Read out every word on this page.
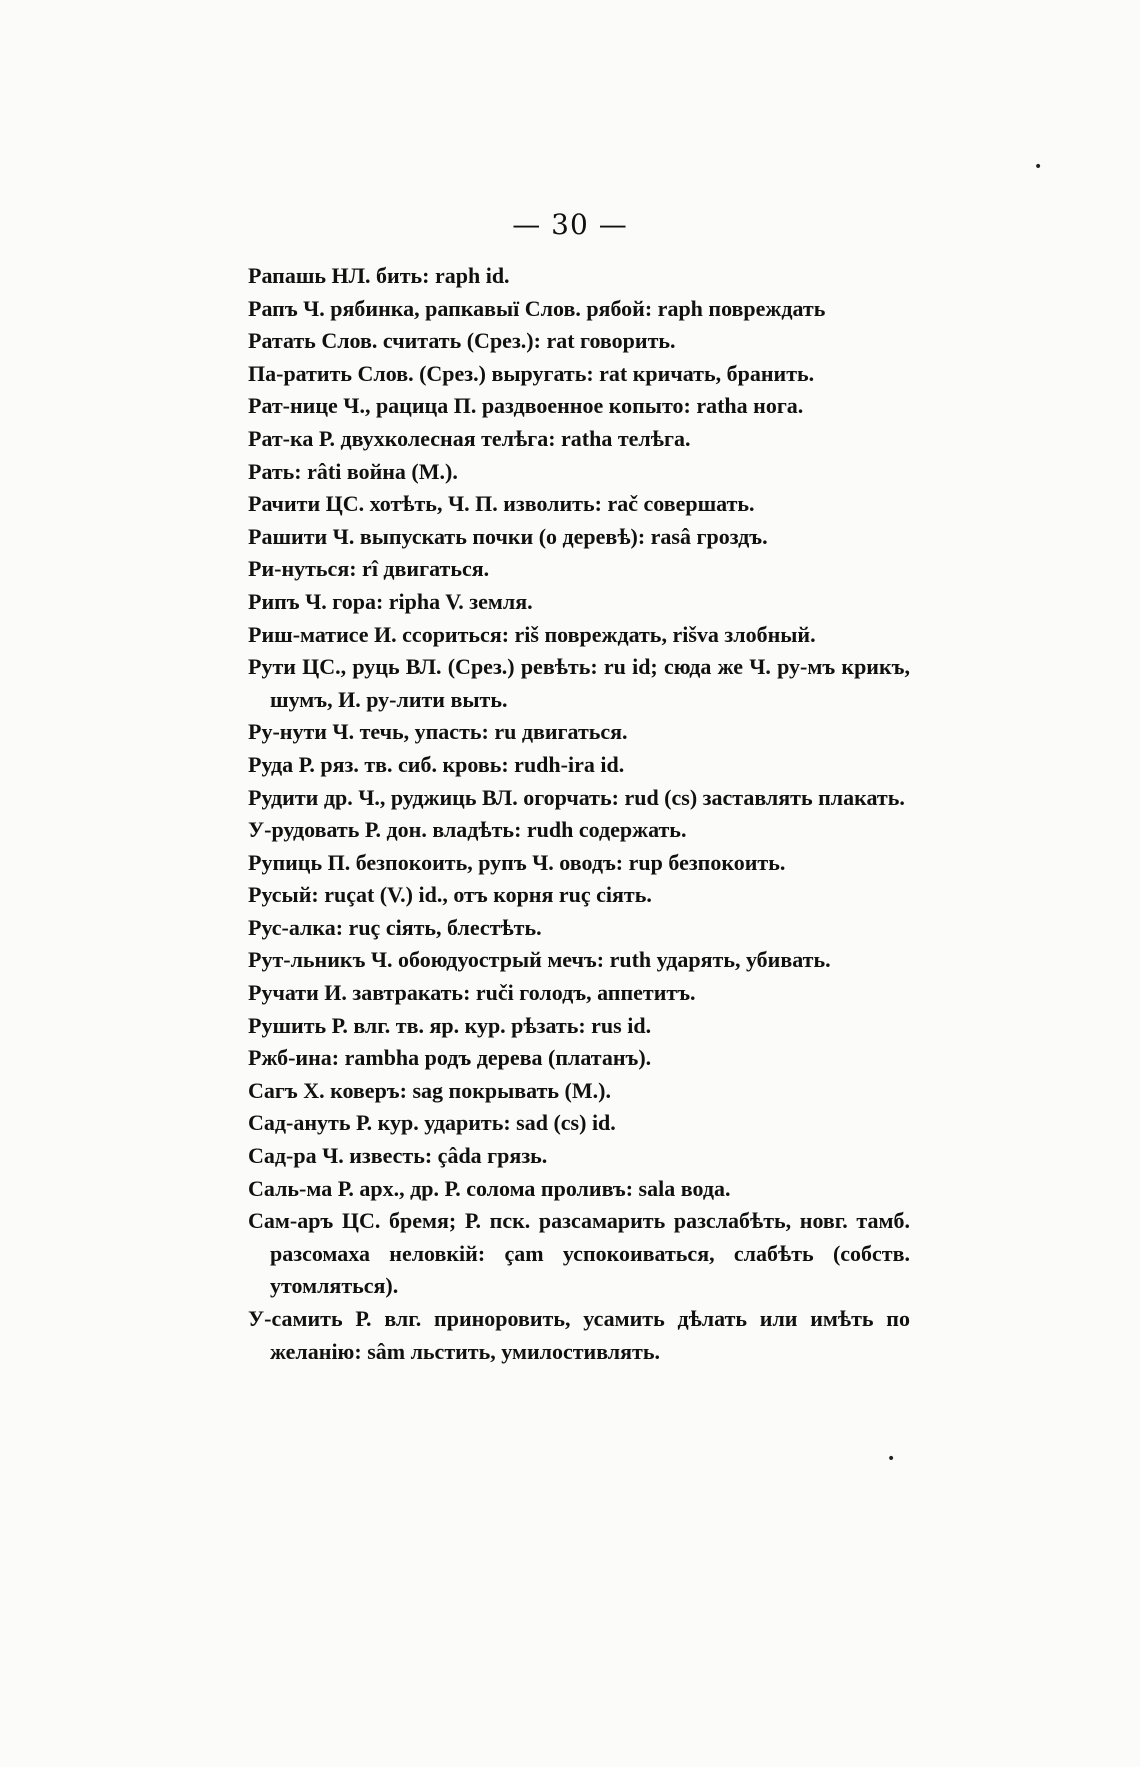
•
•
— 30 —
Рапашь НЛ. бить: raph id.
Рапъ Ч. рябинка, рапкавыї Слов. рябой: raph повреждать
Ратать Слов. считать (Срез.): rat говорить.
Па-ратить Слов. (Срез.) выругать: rat кричать, бранить.
Рат-нице Ч., рацица П. раздвоенное копыто: ratha нога.
Рат-ка Р. двухколесная телѣга: ratha телѣга.
Рать: râti война (М.).
Рачити ЦС. хотѣть, Ч. П. изволить: rač совершать.
Рашити Ч. выпускать почки (о деревѣ): rasâ гроздъ.
Ри-нуться: rî двигаться.
Рипъ Ч. гора: ripha V. земля.
Риш-матисе И. ссориться: riš повреждать, rišva злобный.
Рути ЦС., руць ВЛ. (Срез.) ревѣть: ru id; сюда же Ч. ру-мъ крикъ, шумъ, И. ру-лити выть.
Ру-нути Ч. течь, упасть: ru двигаться.
Руда Р. ряз. тв. сиб. кровь: rudh-ira id.
Рудити др. Ч., руджиць ВЛ. огорчать: rud (cs) заставлять плакать.
У-рудовать Р. дон. владѣть: rudh содержать.
Рупиць П. безпокоить, рупъ Ч. оводъ: rup безпокоить.
Русый: ruçat (V.) id., отъ корня ruç сіять.
Рус-алка: ruç сіять, блестѣть.
Рут-льникъ Ч. обоюдуострый мечъ: ruth ударять, убивать.
Ручати И. завтракать: ruči голодъ, аппетитъ.
Рушить Р. влг. тв. яр. кур. рѣзать: rus id.
Ржб-ина: rambha родъ дерева (платанъ).
Сагъ Х. коверъ: sag покрывать (М.).
Сад-ануть Р. кур. ударить: sad (cs) id.
Сад-ра Ч. известь: çâda грязь.
Саль-ма Р. арх., др. Р. солома проливъ: sala вода.
Сам-аръ ЦС. бремя; Р. пск. разсамарить разслабѣть, новг. тамб. разсомаха неловкій: çam успокоиваться, слабѣть (собств. утомляться).
У-самить Р. влг. приноровить, усамить дѣлать или имѣть по желанію: sâm льстить, умилостивлять.
